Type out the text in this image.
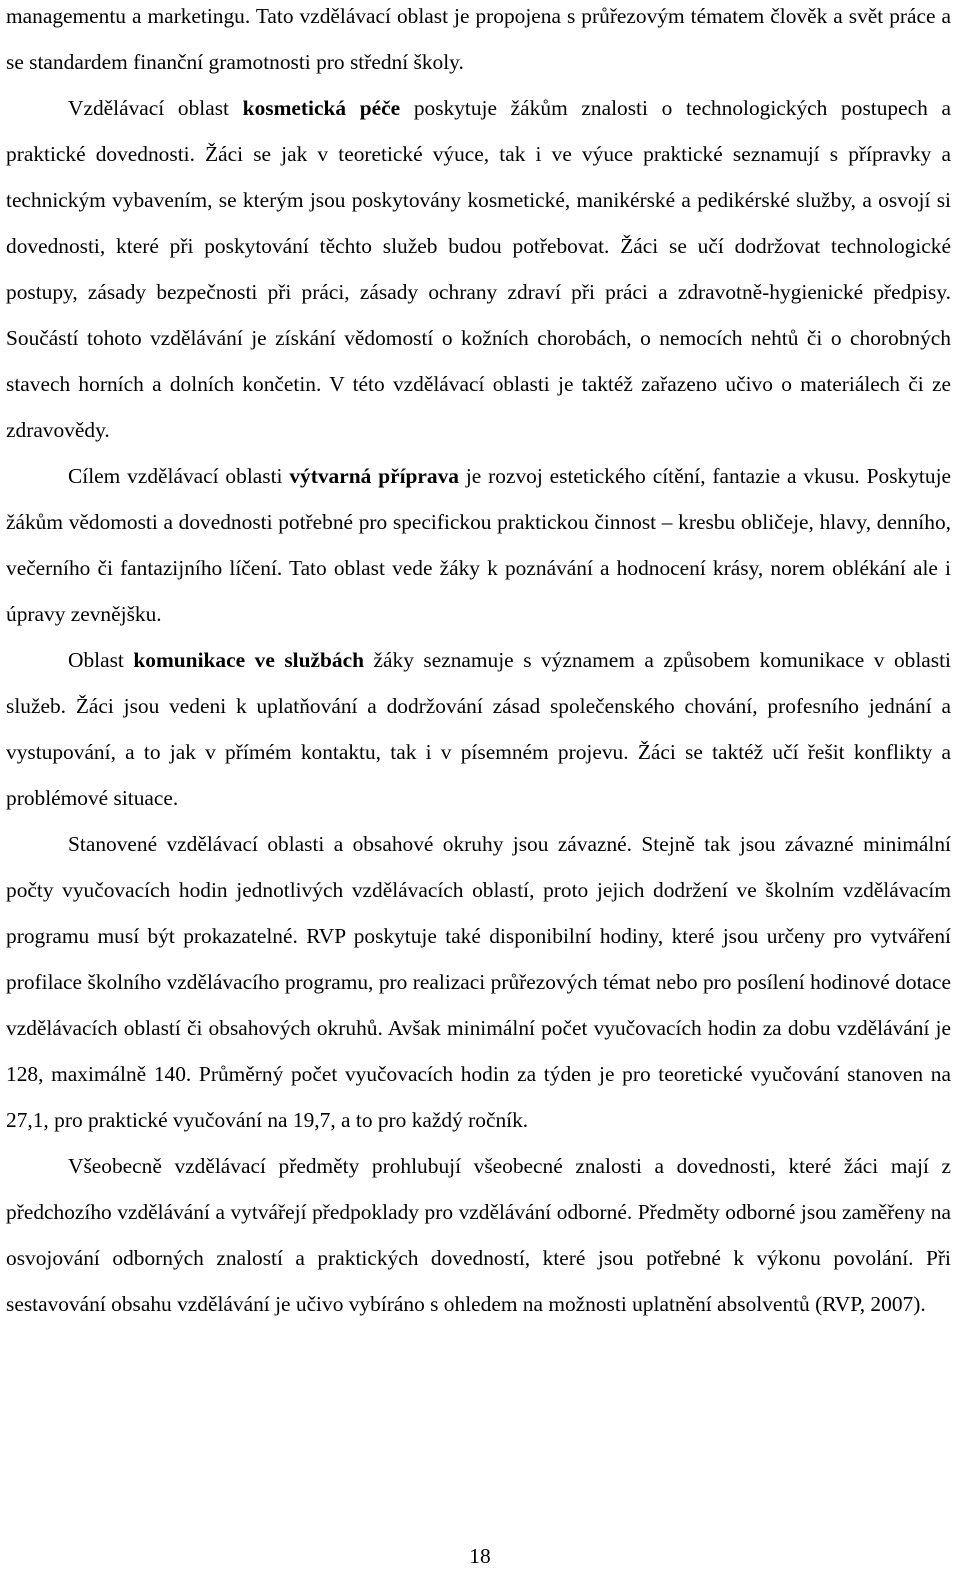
managementu a marketingu. Tato vzdělávací oblast je propojena s průřezovým tématem člověk a svět práce a se standardem finanční gramotnosti pro střední školy.

Vzdělávací oblast kosmetická péče poskytuje žákům znalosti o technologických postupech a praktické dovednosti. Žáci se jak v teoretické výuce, tak i ve výuce praktické seznamují s přípravky a technickým vybavením, se kterým jsou poskytovány kosmetické, manikérské a pedikérské služby, a osvojí si dovednosti, které při poskytování těchto služeb budou potřebovat. Žáci se učí dodržovat technologické postupy, zásady bezpečnosti při práci, zásady ochrany zdraví při práci a zdravotně-hygienické předpisy. Součástí tohoto vzdělávání je získání vědomostí o kožních chorobách, o nemocích nehtů či o chorobných stavech horních a dolních končetin. V této vzdělávací oblasti je taktéž zařazeno učivo o materiálech či ze zdravovědy.

Cílem vzdělávací oblasti výtvarná příprava je rozvoj estetického cítění, fantazie a vkusu. Poskytuje žákům vědomosti a dovednosti potřebné pro specifickou praktickou činnost – kresbu obličeje, hlavy, denního, večerního či fantazijního líčení. Tato oblast vede žáky k poznávání a hodnocení krásy, norem oblékání ale i úpravy zevnějšku.

Oblast komunikace ve službách žáky seznamuje s významem a způsobem komunikace v oblasti služeb. Žáci jsou vedeni k uplatňování a dodržování zásad společenského chování, profesního jednání a vystupování, a to jak v přímém kontaktu, tak i v písemném projevu. Žáci se taktéž učí řešit konflikty a problémové situace.

Stanovené vzdělávací oblasti a obsahové okruhy jsou závazné. Stejně tak jsou závazné minimální počty vyučovacích hodin jednotlivých vzdělávacích oblastí, proto jejich dodržení ve školním vzdělávacím programu musí být prokazatelné. RVP poskytuje také disponibilní hodiny, které jsou určeny pro vytváření profilace školního vzdělávacího programu, pro realizaci průřezových témat nebo pro posílení hodinové dotace vzdělávacích oblastí či obsahových okruhů. Avšak minimální počet vyučovacích hodin za dobu vzdělávání je 128, maximálně 140. Průměrný počet vyučovacích hodin za týden je pro teoretické vyučování stanoven na 27,1, pro praktické vyučování na 19,7, a to pro každý ročník.

Všeobecně vzdělávací předměty prohlubují všeobecné znalosti a dovednosti, které žáci mají z předchozího vzdělávání a vytvářejí předpoklady pro vzdělávání odborné. Předměty odborné jsou zaměřeny na osvojování odborných znalostí a praktických dovedností, které jsou potřebné k výkonu povolání. Při sestavování obsahu vzdělávání je učivo vybíráno s ohledem na možnosti uplatnění absolventů (RVP, 2007).

18
